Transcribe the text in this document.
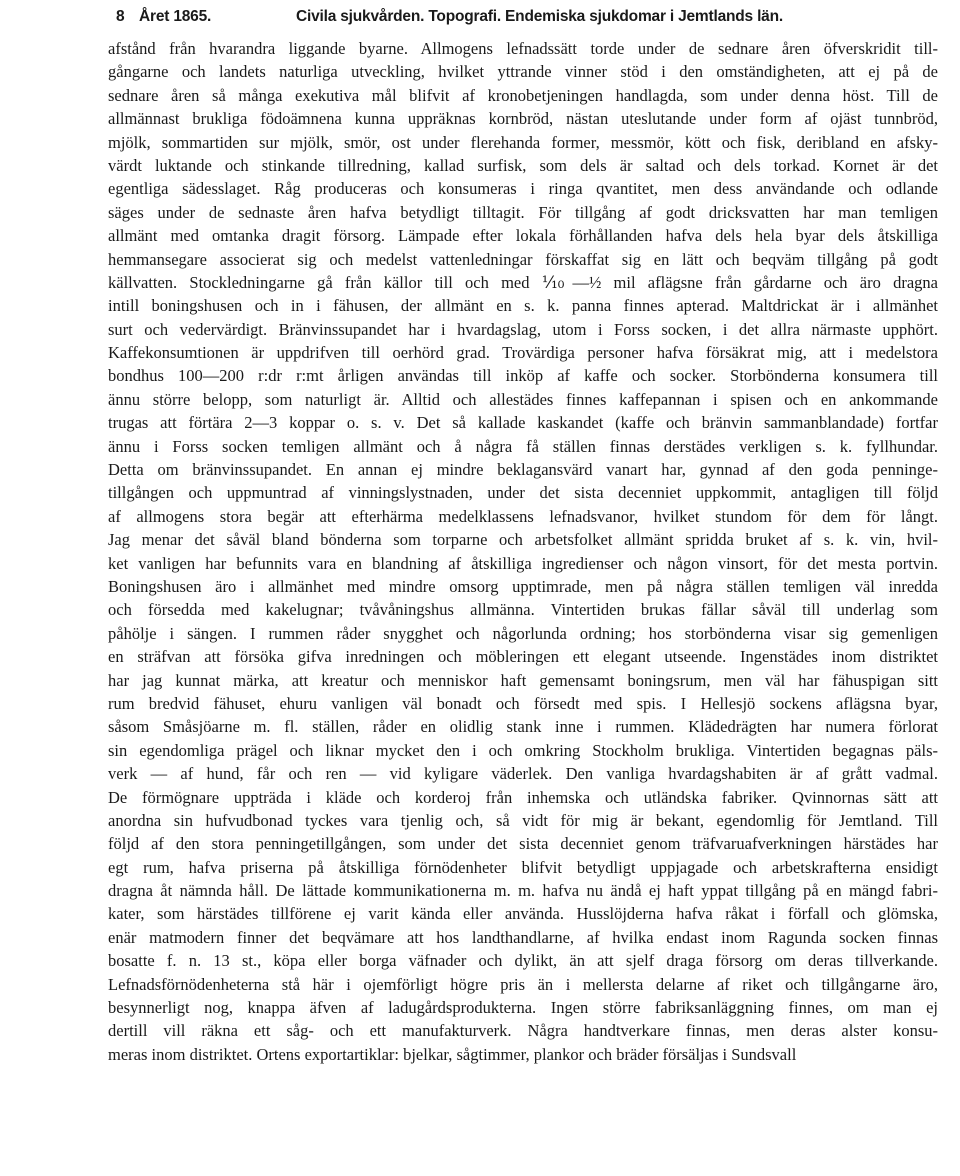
8 Året 1865.	Civila sjukvården. Topografi. Endemiska sjukdomar i Jemtlands län.
afstånd från hvarandra liggande byarne. Allmogens lefnadssätt torde under de sednare åren öfverskridit till-
gångarne och landets naturliga utveckling, hvilket yttrande vinner stöd i den omständigheten, att ej på de
sednare åren så många exekutiva mål blifvit af kronobetjeningen handlagda, som under denna höst. Till de
allmännast brukliga födoämnena kunna uppräknas kornbröd, nästan uteslutande under form af ojäst tunnbröd,
mjölk, sommartiden sur mjölk, smör, ost under flerehanda former, messmör, kött och fisk, deribland en afsky-
värdt luktande och stinkande tillredning, kallad surfisk, som dels är saltad och dels torkad. Kornet är det
egentliga sädesslaget. Råg produceras och konsumeras i ringa qvantitet, men dess användande och odlande
säges under de sednaste åren hafva betydligt tilltagit. För tillgång af godt dricksvatten har man temligen
allmänt med omtanka dragit försorg. Lämpade efter lokala förhållanden hafva dels hela byar dels åtskilliga
hemmansegare associerat sig och medelst vattenledningar förskaffat sig en lätt och beqväm tillgång på godt
källvatten. Stockledningarne gå från källor till och med ⅒—½ mil aflägsne från gårdarne och äro dragna
intill boningshusen och in i fähusen, der allmänt en s. k. panna finnes apterad. Maltdrickat är i allmänhet
surt och vedervärdigt. Bränvinssupandet har i hvardagslag, utom i Forss socken, i det allra närmaste upphört.
Kaffekonsumtionen är uppdrifven till oerhörd grad. Trovärdiga personer hafva försäkrat mig, att i medelstora
bondhus 100—200 r:dr r:mt årligen användas till inköp af kaffe och socker. Storbönderna konsumera till
ännu större belopp, som naturligt är. Alltid och allestädes finnes kaffepannan i spisen och en ankommande
trugas att förtära 2—3 koppar o. s. v. Det så kallade kaskandet (kaffe och bränvin sammanblandade) fortfar
ännu i Forss socken temligen allmänt och å några få ställen finnas derstädes verkligen s. k. fyllhundar.
Detta om bränvinssupandet. En annan ej mindre beklagansvärd vanart har, gynnad af den goda penninge-
tillgången och uppmuntrad af vinningslystnaden, under det sista decenniet uppkommit, antagligen till följd
af allmogens stora begär att efterhärma medelklassens lefnadsvanor, hvilket stundom för dem för långt.
Jag menar det såväl bland bönderna som torparne och arbetsfolket allmänt spridda bruket af s. k. vin, hvil-
ket vanligen har befunnits vara en blandning af åtskilliga ingredienser och någon vinsort, för det mesta portvin.
Boningshusen äro i allmänhet med mindre omsorg upptimrade, men på några ställen temligen väl inredda
och försedda med kakelugnar; tvåvåningshus allmänna. Vintertiden brukas fällar såväl till underlag som
påhölje i sängen. I rummen råder snygghet och någorlunda ordning; hos storbönderna visar sig gemenligen
en sträfvan att försöka gifva inredningen och möbleringen ett elegant utseende. Ingenstädes inom distriktet
har jag kunnat märka, att kreatur och menniskor haft gemensamt boningsrum, men väl har fähuspigan sitt
rum bredvid fähuset, ehuru vanligen väl bonadt och försedt med spis. I Hellesjö sockens aflägsna byar,
såsom Småsjöarne m. fl. ställen, råder en olidlig stank inne i rummen. Klädedrägten har numera förlorat
sin egendomliga prägel och liknar mycket den i och omkring Stockholm brukliga. Vintertiden begagnas päls-
verk — af hund, får och ren — vid kyligare väderlek. Den vanliga hvardagshabiten är af grått vadmal.
De förmögnare uppträda i kläde och korderoj från inhemska och utländska fabriker. Qvinnornas sätt att
anordna sin hufvudbonad tyckes vara tjenlig och, så vidt för mig är bekant, egendomlig för Jemtland. Till
följd af den stora penningetillgången, som under det sista decenniet genom träfvaruafverkningen härstädes har
egt rum, hafva priserna på åtskilliga förnödenheter blifvit betydligt uppjagade och arbetskrafterna ensidigt
dragna åt nämnda håll. De lättade kommunikationerna m. m. hafva nu ändå ej haft yppat tillgång på en mängd fabri-
kater, som härstädes tillförene ej varit kända eller använda. Husslöjderna hafva råkat i förfall och glömska,
enär matmodern finner det beqvämare att hos landthandlarne, af hvilka endast inom Ragunda socken finnas
bosatte f. n. 13 st., köpa eller borga väfnader och dylikt, än att sjelf draga försorg om deras tillverkande.
Lefnadsförnödenheterna stå här i ojemförligt högre pris än i mellersta delarne af riket och tillgångarne äro,
besynnerligt nog, knappa äfven af ladugårdsprodukterna. Ingen större fabriksanläggning finnes, om man ej
dertill vill räkna ett såg- och ett manufakturverk. Några handtverkare finnas, men deras alster konsu-
meras inom distriktet. Ortens exportartiklar: bjelkar, sågtimmer, plankor och bräder försäljas i Sundsvall
